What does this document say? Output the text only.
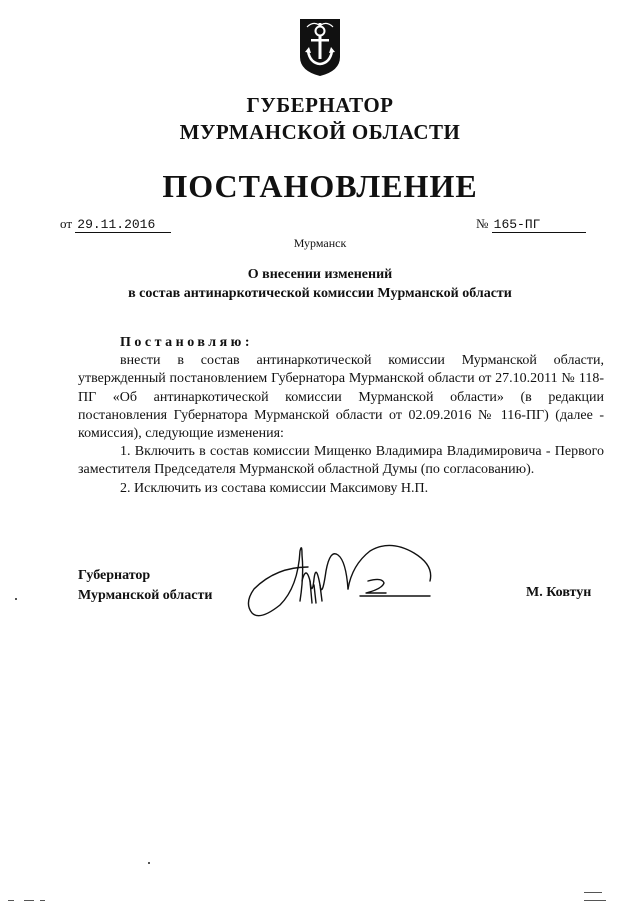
ГУБЕРНАТОР
МУРМАНСКОЙ ОБЛАСТИ
ПОСТАНОВЛЕНИЕ
от 29.11.2016	№ 165-ПГ
Мурманск
О внесении изменений
в состав антинаркотической комиссии Мурманской области

Постановляю:

внести в состав антинаркотической комиссии Мурманской области, утвержденный постановлением Губернатора Мурманской области от 27.10.2011 № 118-ПГ «Об антинаркотической комиссии Мурманской области» (в редакции постановления Губернатора Мурманской области от 02.09.2016 № 116-ПГ) (далее - комиссия), следующие изменения:

1. Включить в состав комиссии Мищенко Владимира Владимировича - Первого заместителя Председателя Мурманской областной Думы (по согласованию).

2. Исключить из состава комиссии Максимову Н.П.

Губернатор
Мурманской области	М. Ковтун
